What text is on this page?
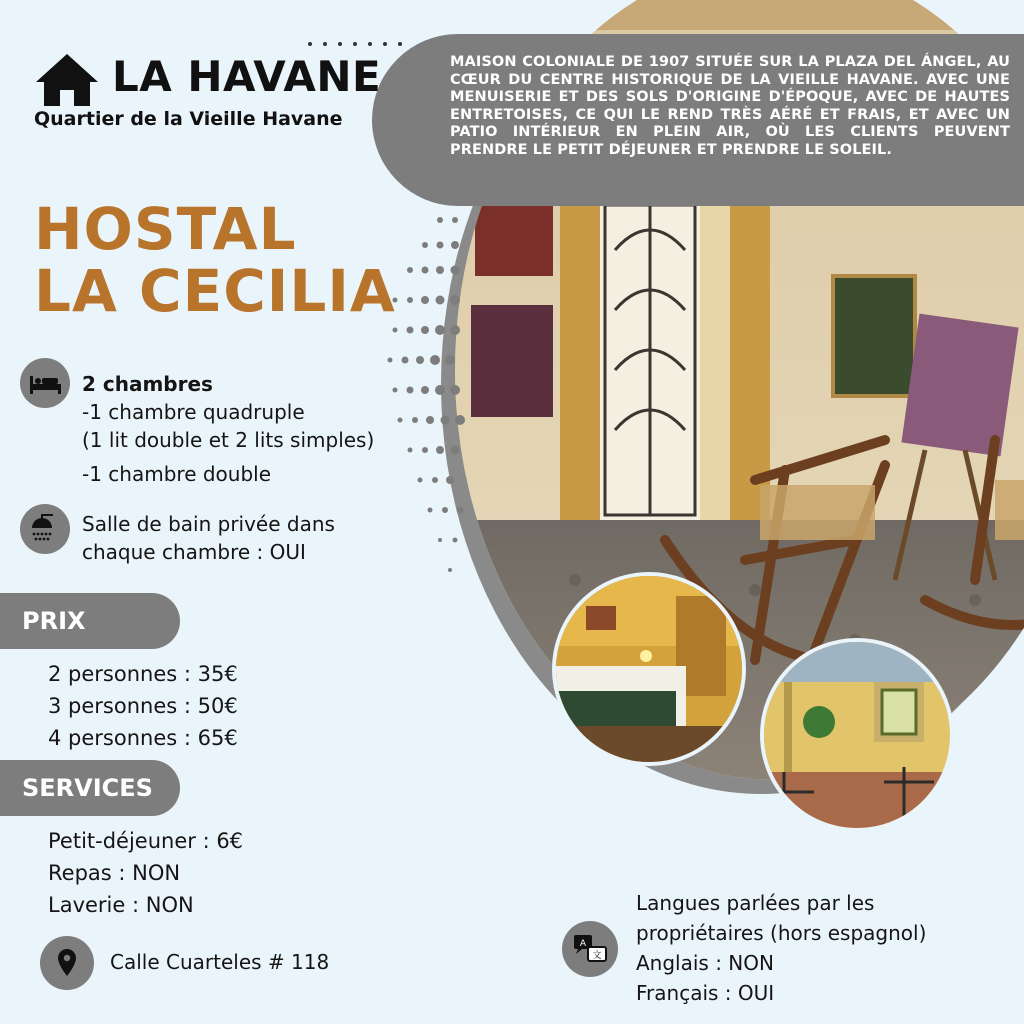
MAISON COLONIALE DE 1907 SITUÉE SUR LA PLAZA DEL ÁNGEL, AU CŒUR DU CENTRE HISTORIQUE DE LA VIEILLE HAVANE. AVEC UNE MENUISERIE ET DES SOLS D'ORIGINE D'ÉPOQUE, AVEC DE HAUTES ENTRETOISES, CE QUI LE REND TRÈS AÉRÉ ET FRAIS, ET AVEC UN PATIO INTÉRIEUR EN PLEIN AIR, OÙ LES CLIENTS PEUVENT PRENDRE LE PETIT DÉJEUNER ET PRENDRE LE SOLEIL.
LA HAVANE
Quartier de la Vieille Havane
HOSTAL
LA CECILIA
2 chambres
-1 chambre quadruple
(1 lit double et 2 lits simples)
-1 chambre double
Salle de bain privée dans
chaque chambre : OUI
PRIX
2 personnes : 35€
3 personnes : 50€
4 personnes : 65€
SERVICES
Petit-déjeuner : 6€
Repas : NON
Laverie : NON
Calle Cuarteles # 118
A
文
Langues parlées par les
propriétaires (hors espagnol)
Anglais : NON
Français : OUI
